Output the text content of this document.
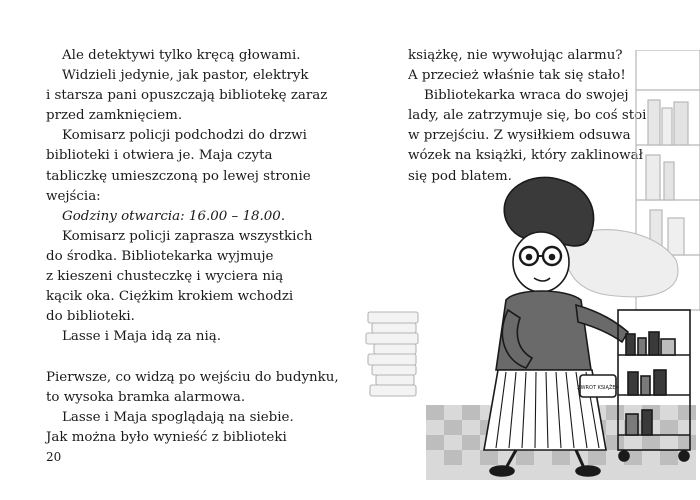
Ale detektywi tylko kręcą głowami.
Widzieli jedynie, jak pastor, elektryk
i starsza pani opuszczają bibliotekę zaraz
przed zamknięciem.
Komisarz policji podchodzi do drzwi
biblioteki i otwiera je. Maja czyta
tabliczkę umieszczoną po lewej stronie
wejścia:
Godziny otwarcia: 16.00 – 18.00.
Komisarz policji zaprasza wszystkich
do środka. Bibliotekarka wyjmuje
z kieszeni chusteczkę i wyciera nią
kącik oka. Ciężkim krokiem wchodzi
do biblioteki.
Lasse i Maja idą za nią.
Pierwsze, co widzą po wejściu do budynku,
to wysoka bramka alarmowa.
Lasse i Maja spoglądają na siebie.
Jak można było wynieść z biblioteki
20
książkę, nie wywołując alarmu?
A przecież właśnie tak się stało!
Bibliotekarka wraca do swojej
lady, ale zatrzymuje się, bo coś stoi
w przejściu. Z wysiłkiem odsuwa
wózek na książki, który zaklinował
się pod blatem.
ZWROT KSIĄŻEK
